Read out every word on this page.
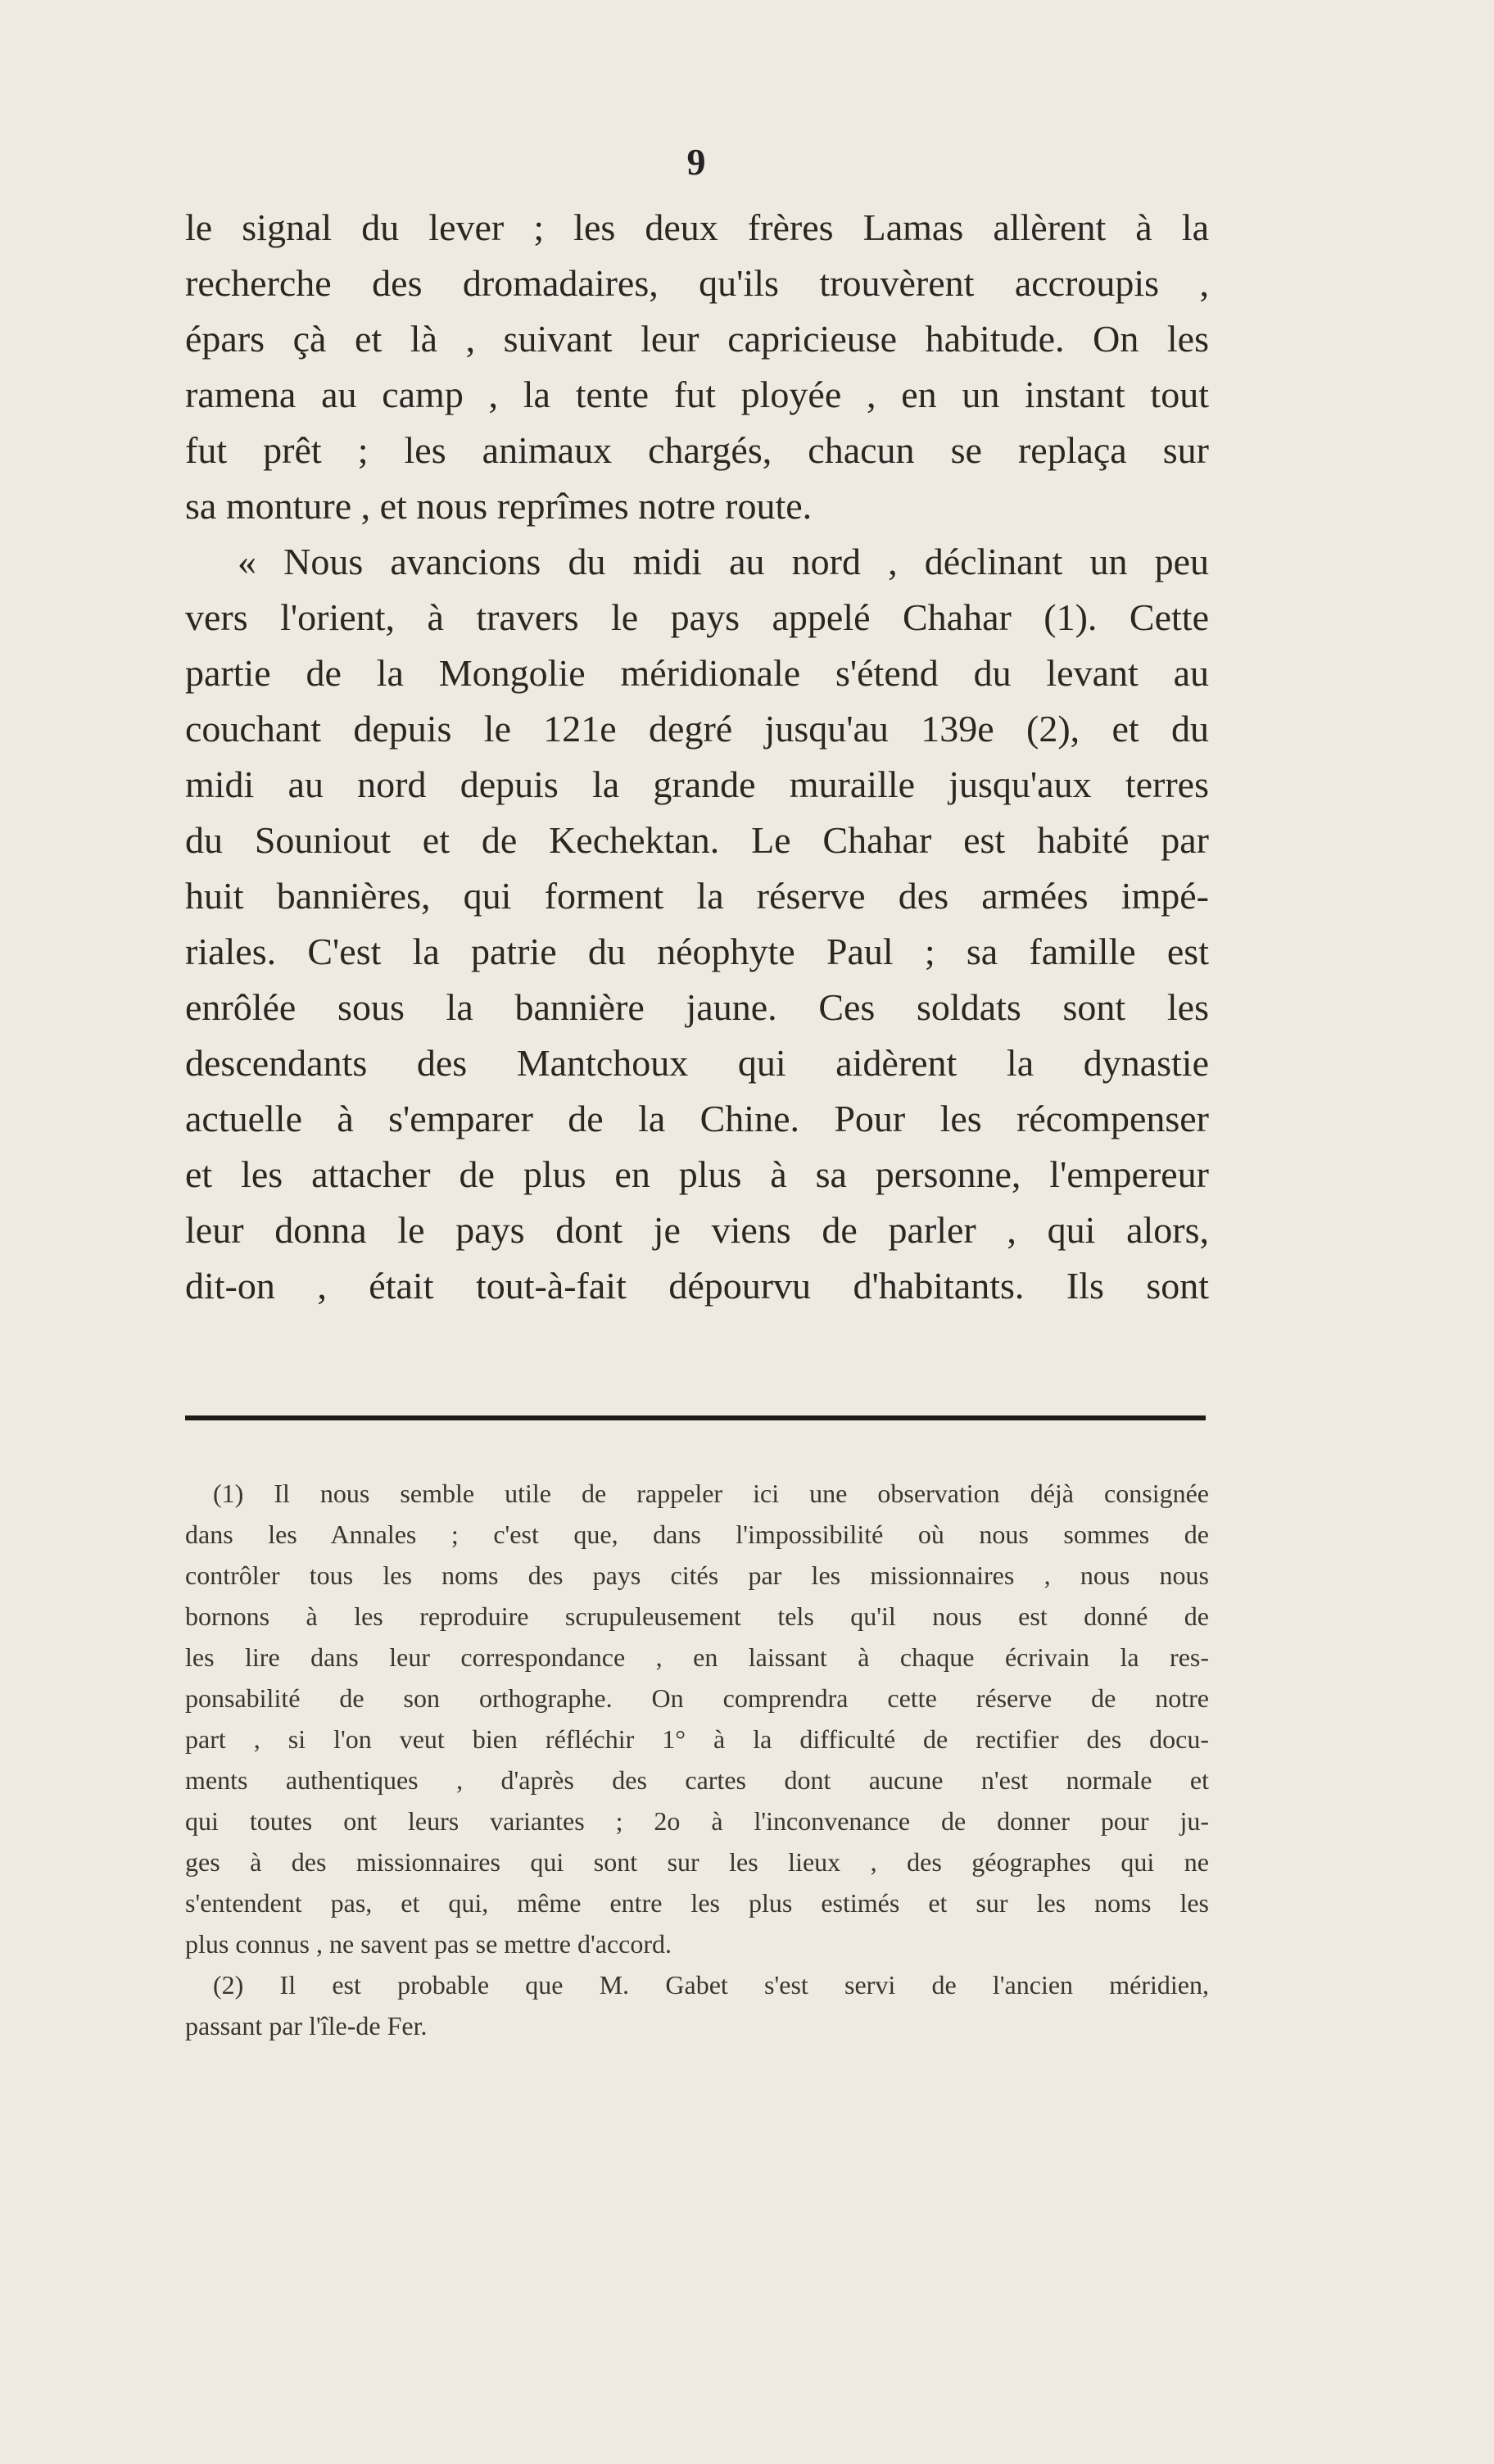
9
le signal du lever ; les deux frères Lamas allèrent à la
recherche des dromadaires, qu'ils trouvèrent accroupis ,
épars çà et là , suivant leur capricieuse habitude. On les
ramena au camp , la tente fut ployée , en un instant tout
fut prêt ; les animaux chargés, chacun se replaça sur
sa monture , et nous reprîmes notre route.
« Nous avancions du midi au nord , déclinant un peu
vers l'orient, à travers le pays appelé Chahar (1). Cette
partie de la Mongolie méridionale s'étend du levant au
couchant depuis le 121e degré jusqu'au 139e (2), et du
midi au nord depuis la grande muraille jusqu'aux terres
du Souniout et de Kechektan. Le Chahar est habité par
huit bannières, qui forment la réserve des armées impé-
riales. C'est la patrie du néophyte Paul ; sa famille est
enrôlée sous la bannière jaune. Ces soldats sont les
descendants des Mantchoux qui aidèrent la dynastie
actuelle à s'emparer de la Chine. Pour les récompenser
et les attacher de plus en plus à sa personne, l'empereur
leur donna le pays dont je viens de parler , qui alors,
dit-on , était tout-à-fait dépourvu d'habitants. Ils sont
(1) Il nous semble utile de rappeler ici une observation déjà consignée
dans les Annales ; c'est que, dans l'impossibilité où nous sommes de
contrôler tous les noms des pays cités par les missionnaires , nous nous
bornons à les reproduire scrupuleusement tels qu'il nous est donné de
les lire dans leur correspondance , en laissant à chaque écrivain la res-
ponsabilité de son orthographe. On comprendra cette réserve de notre
part , si l'on veut bien réfléchir 1° à la difficulté de rectifier des docu-
ments authentiques , d'après des cartes dont aucune n'est normale et
qui toutes ont leurs variantes ; 2o à l'inconvenance de donner pour ju-
ges à des missionnaires qui sont sur les lieux , des géographes qui ne
s'entendent pas, et qui, même entre les plus estimés et sur les noms les
plus connus , ne savent pas se mettre d'accord.
(2) Il est probable que M. Gabet s'est servi de l'ancien méridien,
passant par l'île-de Fer.
